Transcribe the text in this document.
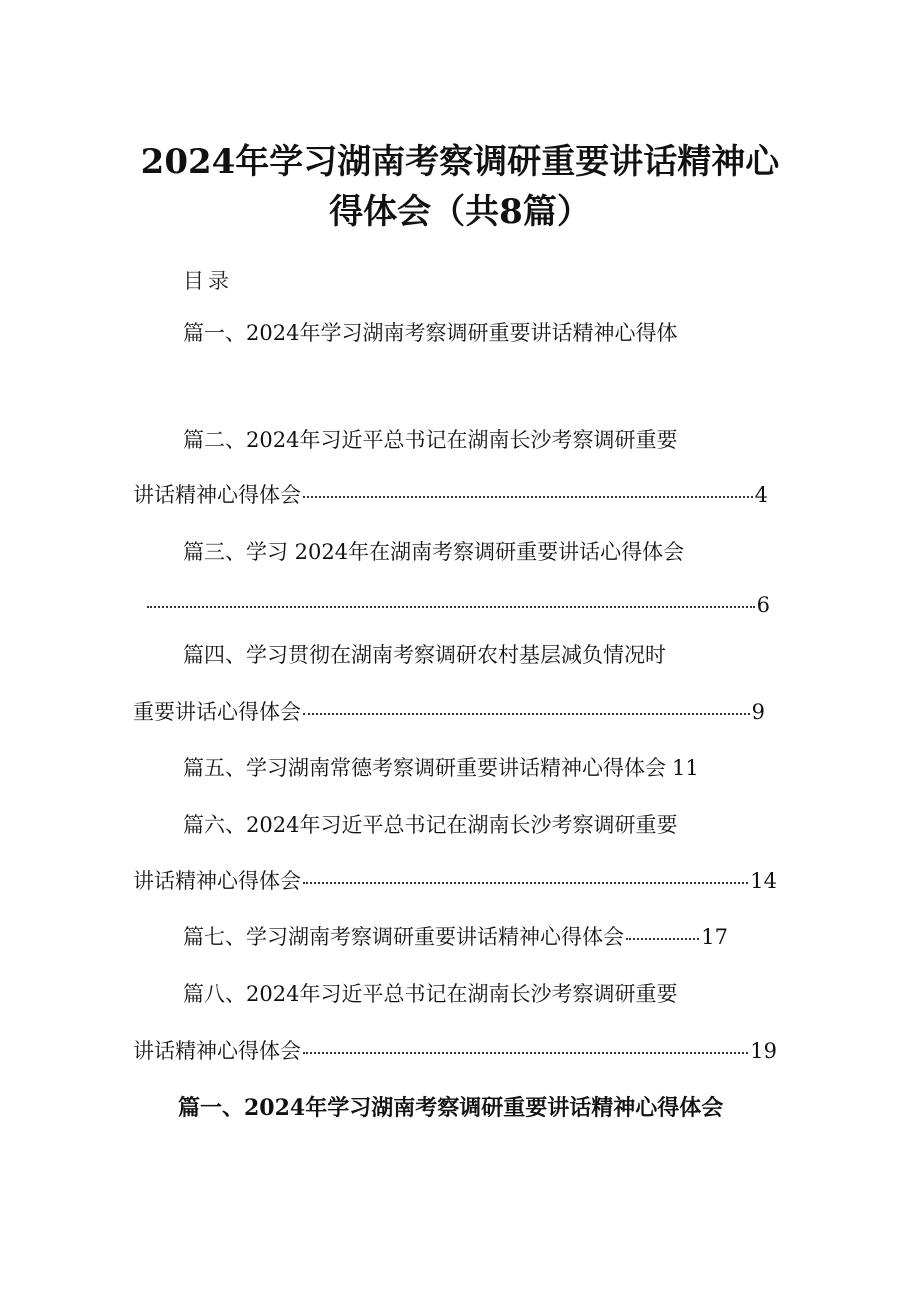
2024年学习湖南考察调研重要讲话精神心
得体会（共8篇）
目录
篇一、2024年学习湖南考察调研重要讲话精神心得体
篇二、2024年习近平总书记在湖南长沙考察调研重要
讲话精神心得体会	4
篇三、学习 2024年在湖南考察调研重要讲话心得体会
6
篇四、学习贯彻在湖南考察调研农村基层减负情况时
重要讲话心得体会	9
篇五、学习湖南常德考察调研重要讲话精神心得体会 11
篇六、2024年习近平总书记在湖南长沙考察调研重要
讲话精神心得体会	14
篇七、学习湖南考察调研重要讲话精神心得体会	17
篇八、2024年习近平总书记在湖南长沙考察调研重要
讲话精神心得体会	19
篇一、2024年学习湖南考察调研重要讲话精神心得体会
